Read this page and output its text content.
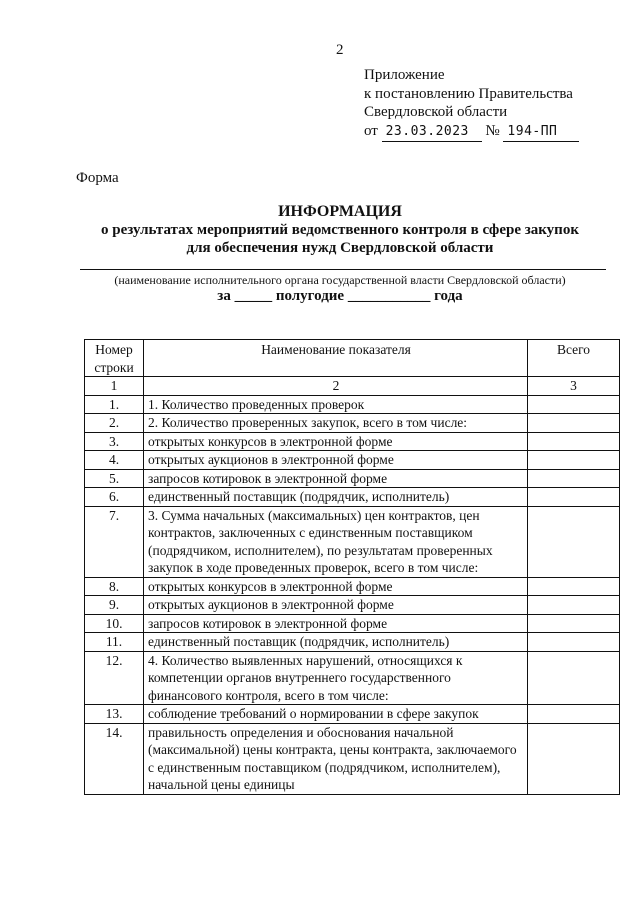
2
Приложение
к постановлению Правительства
Свердловской области
от 23.03.2023 № 194-ПП
Форма
ИНФОРМАЦИЯ
о результатах мероприятий ведомственного контроля в сфере закупок
для обеспечения нужд Свердловской области
(наименование исполнительного органа государственной власти Свердловской области)
за _____ полугодие ___________ года
Номер строки	Наименование показателя	Всего
1	2	3
1.	1. Количество проведенных проверок	
2.	2. Количество проверенных закупок, всего в том числе:	
3.	открытых конкурсов в электронной форме	
4.	открытых аукционов в электронной форме	
5.	запросов котировок в электронной форме	
6.	единственный поставщик (подрядчик, исполнитель)	
7.	3. Сумма начальных (максимальных) цен контрактов, цен контрактов, заключенных с единственным поставщиком (подрядчиком, исполнителем), по результатам проверенных закупок в ходе проведенных проверок, всего в том числе:	
8.	открытых конкурсов в электронной форме	
9.	открытых аукционов в электронной форме	
10.	запросов котировок в электронной форме	
11.	единственный поставщик (подрядчик, исполнитель)	
12.	4. Количество выявленных нарушений, относящихся к компетенции органов внутреннего государственного финансового контроля, всего в том числе:	
13.	соблюдение требований о нормировании в сфере закупок	
14.	правильность определения и обоснования начальной (максимальной) цены контракта, цены контракта, заключаемого с единственным поставщиком (подрядчиком, исполнителем), начальной цены единицы	
